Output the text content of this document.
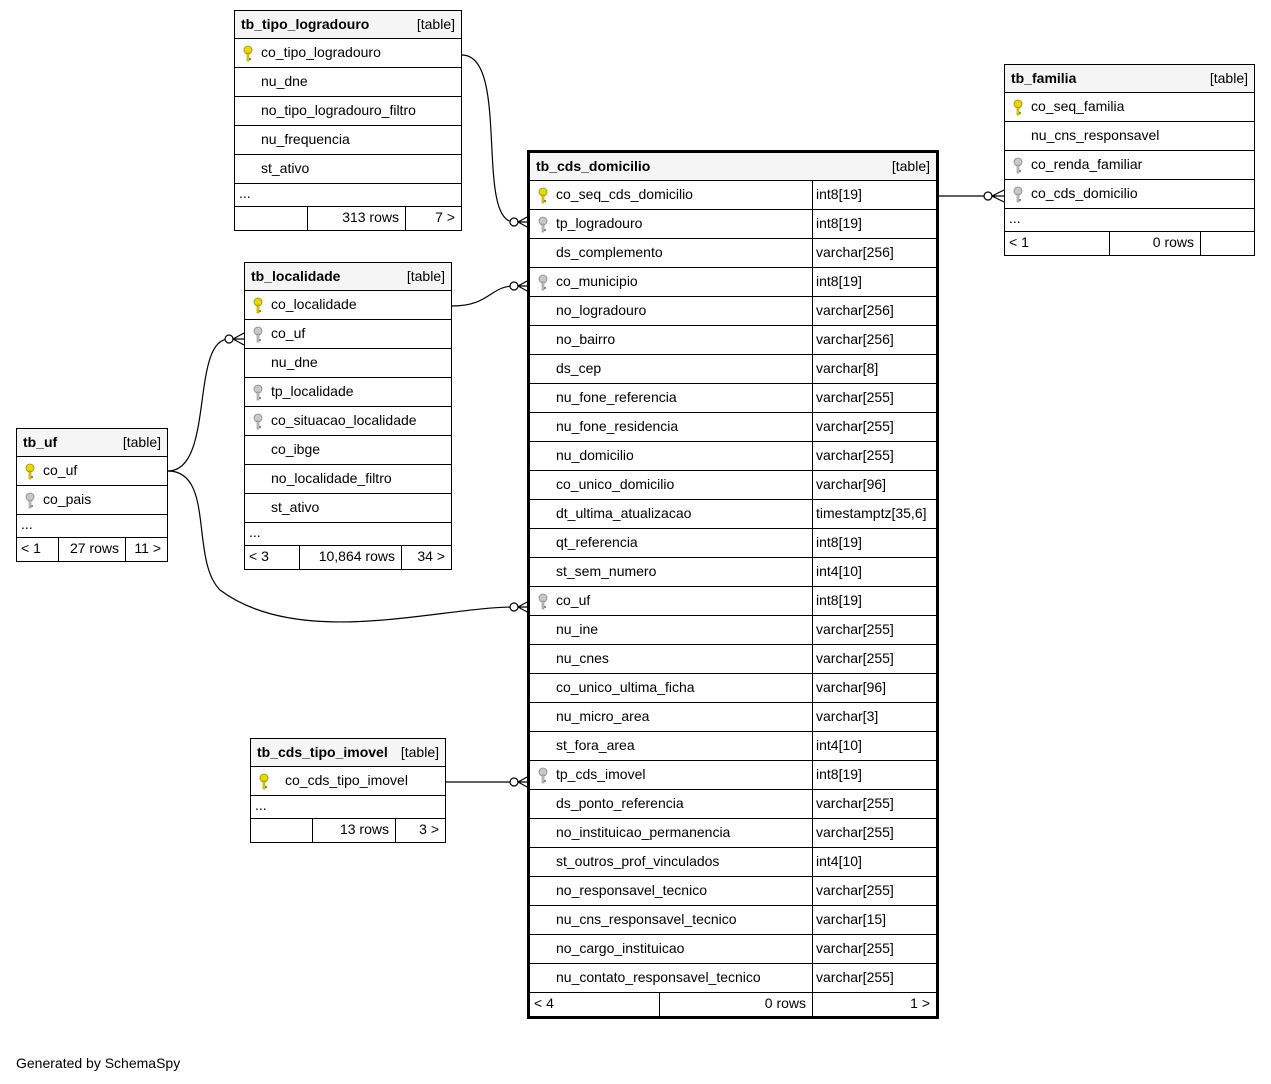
tb_tipo_logradouro	[table]
co_tipo_logradouro
nu_dne
no_tipo_logradouro_filtro
nu_frequencia
st_ativo
...
313 rows	7 >
tb_localidade	[table]
co_localidade
co_uf
nu_dne
tp_localidade
co_situacao_localidade
co_ibge
no_localidade_filtro
st_ativo
...
< 3	10,864 rows	34 >
tb_uf	[table]
co_uf
co_pais
...
< 1	27 rows	11 >
tb_cds_tipo_imovel [table]
co_cds_tipo_imovel
...
13 rows	3 >
tb_familia	[table]
co_seq_familia
nu_cns_responsavel
co_renda_familiar
co_cds_domicilio
...
< 1	0 rows
tb_cds_domicilio	[table]
co_seq_cds_domicilio	int8[19]
tp_logradouro	int8[19]
ds_complemento	varchar[256]
co_municipio	int8[19]
no_logradouro	varchar[256]
no_bairro	varchar[256]
ds_cep	varchar[8]
nu_fone_referencia	varchar[255]
nu_fone_residencia	varchar[255]
nu_domicilio	varchar[255]
co_unico_domicilio	varchar[96]
dt_ultima_atualizacao	timestamptz[35,6]
qt_referencia	int8[19]
st_sem_numero	int4[10]
co_uf	int8[19]
nu_ine	varchar[255]
nu_cnes	varchar[255]
co_unico_ultima_ficha	varchar[96]
nu_micro_area	varchar[3]
st_fora_area	int4[10]
tp_cds_imovel	int8[19]
ds_ponto_referencia	varchar[255]
no_instituicao_permanencia	varchar[255]
st_outros_prof_vinculados	int4[10]
no_responsavel_tecnico	varchar[255]
nu_cns_responsavel_tecnico	varchar[15]
no_cargo_instituicao	varchar[255]
nu_contato_responsavel_tecnico	varchar[255]
< 4	0 rows	1 >
Generated by SchemaSpy
